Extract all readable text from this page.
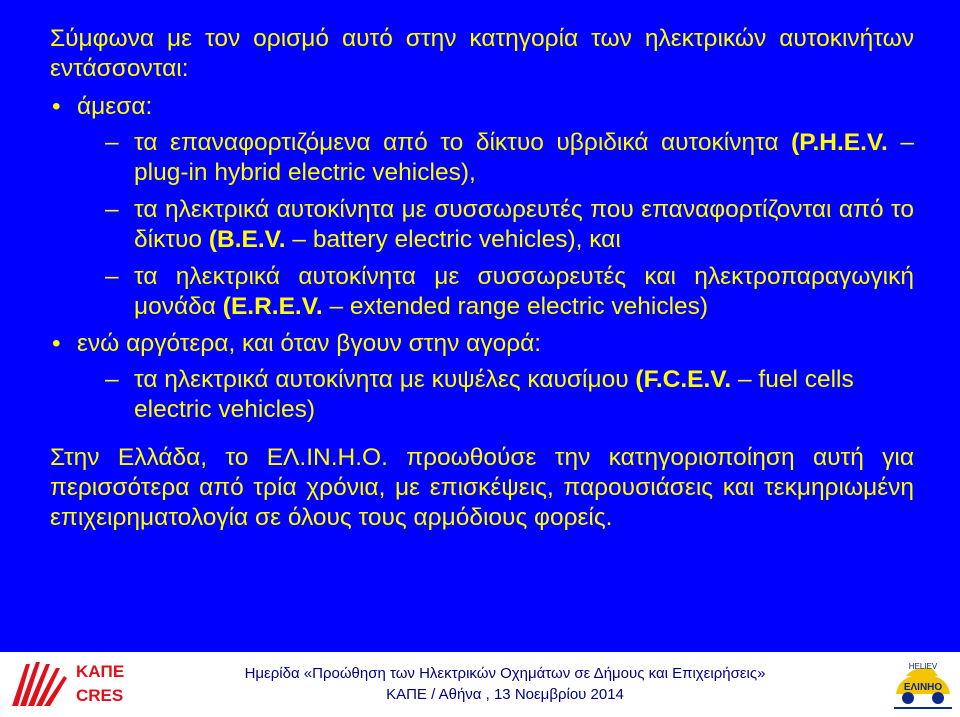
Σύμφωνα με τον ορισμό αυτό στην κατηγορία των ηλεκτρικών αυτοκινήτων εντάσσονται:

• άμεσα:
– τα επαναφορτιζόμενα από το δίκτυο υβριδικά αυτοκίνητα (P.H.E.V. – plug-in hybrid electric vehicles),
– τα ηλεκτρικά αυτοκίνητα με συσσωρευτές που επαναφορτίζονται από το δίκτυο (B.E.V. – battery electric vehicles), και
– τα ηλεκτρικά αυτοκίνητα με συσσωρευτές και ηλεκτροπαραγωγική μονάδα (E.R.E.V. – extended range electric vehicles)
• ενώ αργότερα, και όταν βγουν στην αγορά:
– τα ηλεκτρικά αυτοκίνητα με κυψέλες καυσίμου (F.C.E.V. – fuel cells electric vehicles)

Στην Ελλάδα, το ΕΛ.ΙΝ.Η.Ο. προωθούσε την κατηγοριοποίηση αυτή για περισσότερα από τρία χρόνια, με επισκέψεις, παρουσιάσεις και τεκμηριωμένη επιχειρηματολογία σε όλους τους αρμόδιους φορείς.

ΚΑΠΕ
CRES
Ημερίδα «Προώθηση των Ηλεκτρικών Οχημάτων σε Δήμους και Επιχειρήσεις»
ΚΑΠΕ / Αθήνα , 13 Νοεμβρίου 2014
HELIEV
ΕΛΙΝΗΟ
